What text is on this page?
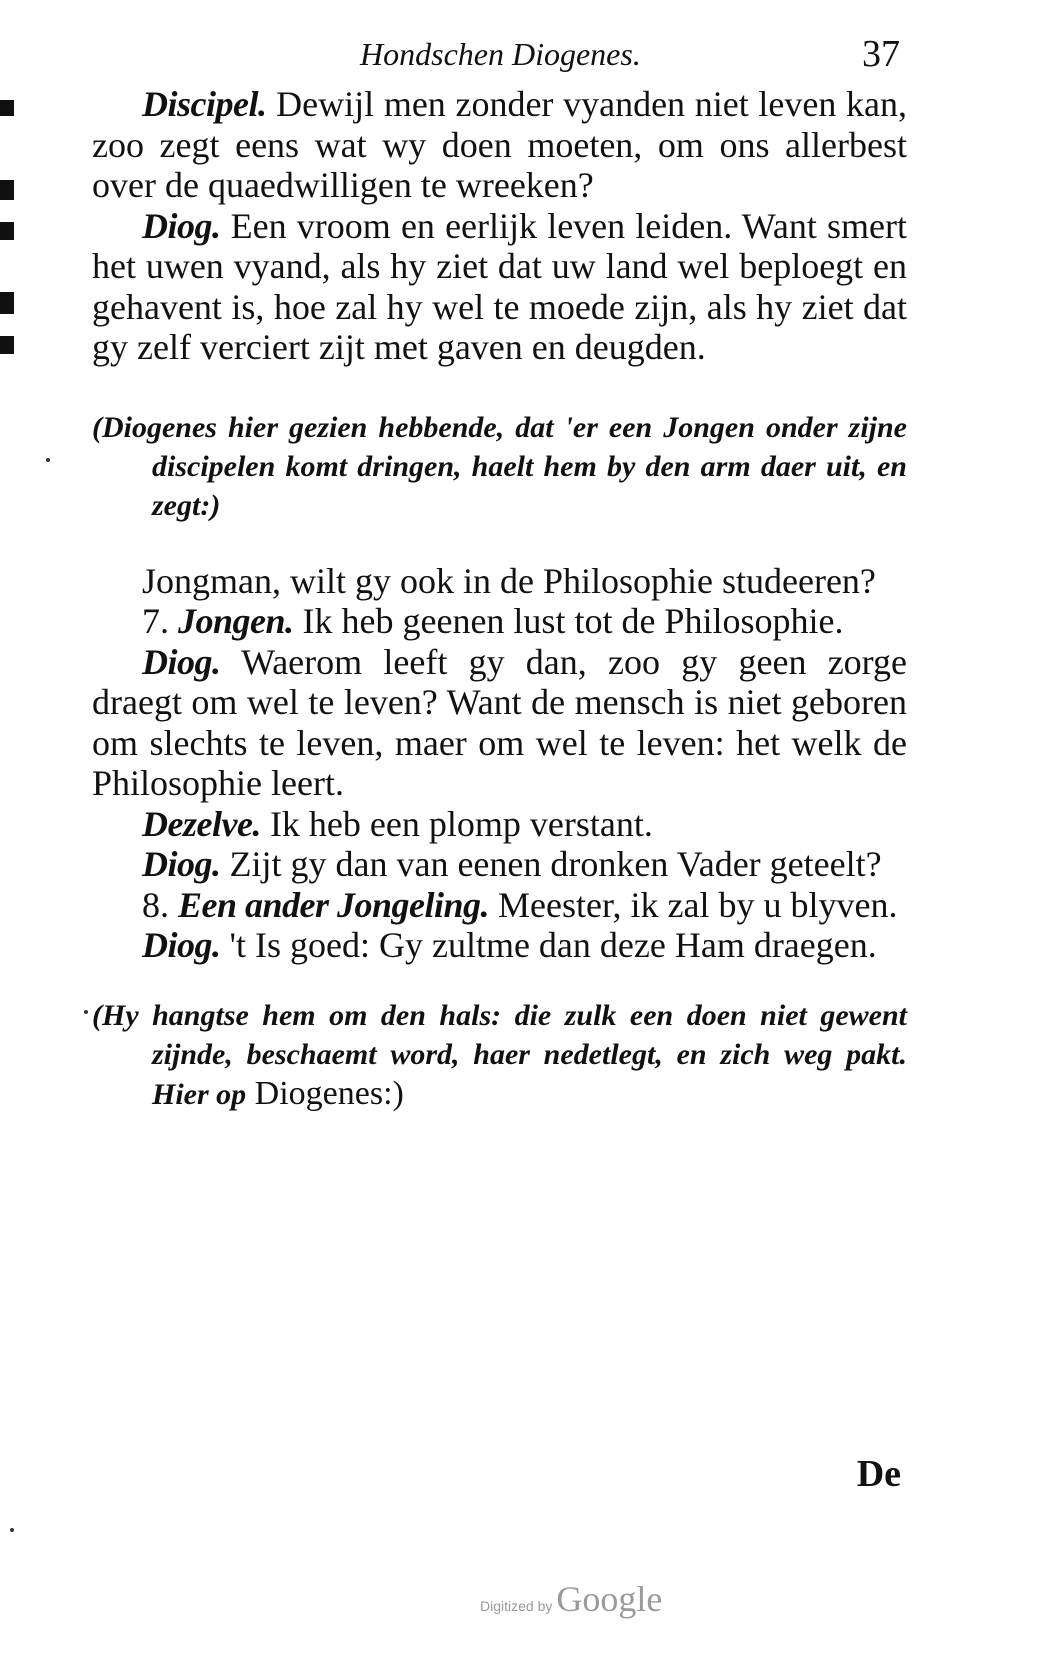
Hondschen Diogenes.	37

Discipel. Dewijl men zonder vyanden niet leven kan, zoo zegt eens wat wy doen moeten, om ons allerbest over de quaedwilligen te wreeken?

Diog. Een vroom en eerlijk leven leiden. Want smert het uwen vyand, als hy ziet dat uw land wel beploegt en gehavent is, hoe zal hy wel te moede zijn, als hy ziet dat gy zelf verciert zijt met gaven en deugden.

(Diogenes hier gezien hebbende, dat 'er een Jongen onder zijne discipelen komt dringen, haelt hem by den arm daer uit, en zegt:)

Jongman, wilt gy ook in de Philosophie studeeren?

7. Jongen. Ik heb geenen lust tot de Philosophie.

Diog. Waerom leeft gy dan, zoo gy geen zorge draegt om wel te leven? Want de mensch is niet geboren om slechts te leven, maer om wel te leven: het welk de Philosophie leert.

Dezelve. Ik heb een plomp verstant.

Diog. Zijt gy dan van eenen dronken Vader geteelt?

8. Een ander Jongeling. Meester, ik zal by u blyven.

Diog. 't Is goed: Gy zultme dan deze Ham draegen.

(Hy hangtse hem om den hals: die zulk een doen niet gewent zijnde, beschaemt word, haer nedetlegt, en zich weg pakt. Hier op Diogenes:)

De
Digitized by Google
